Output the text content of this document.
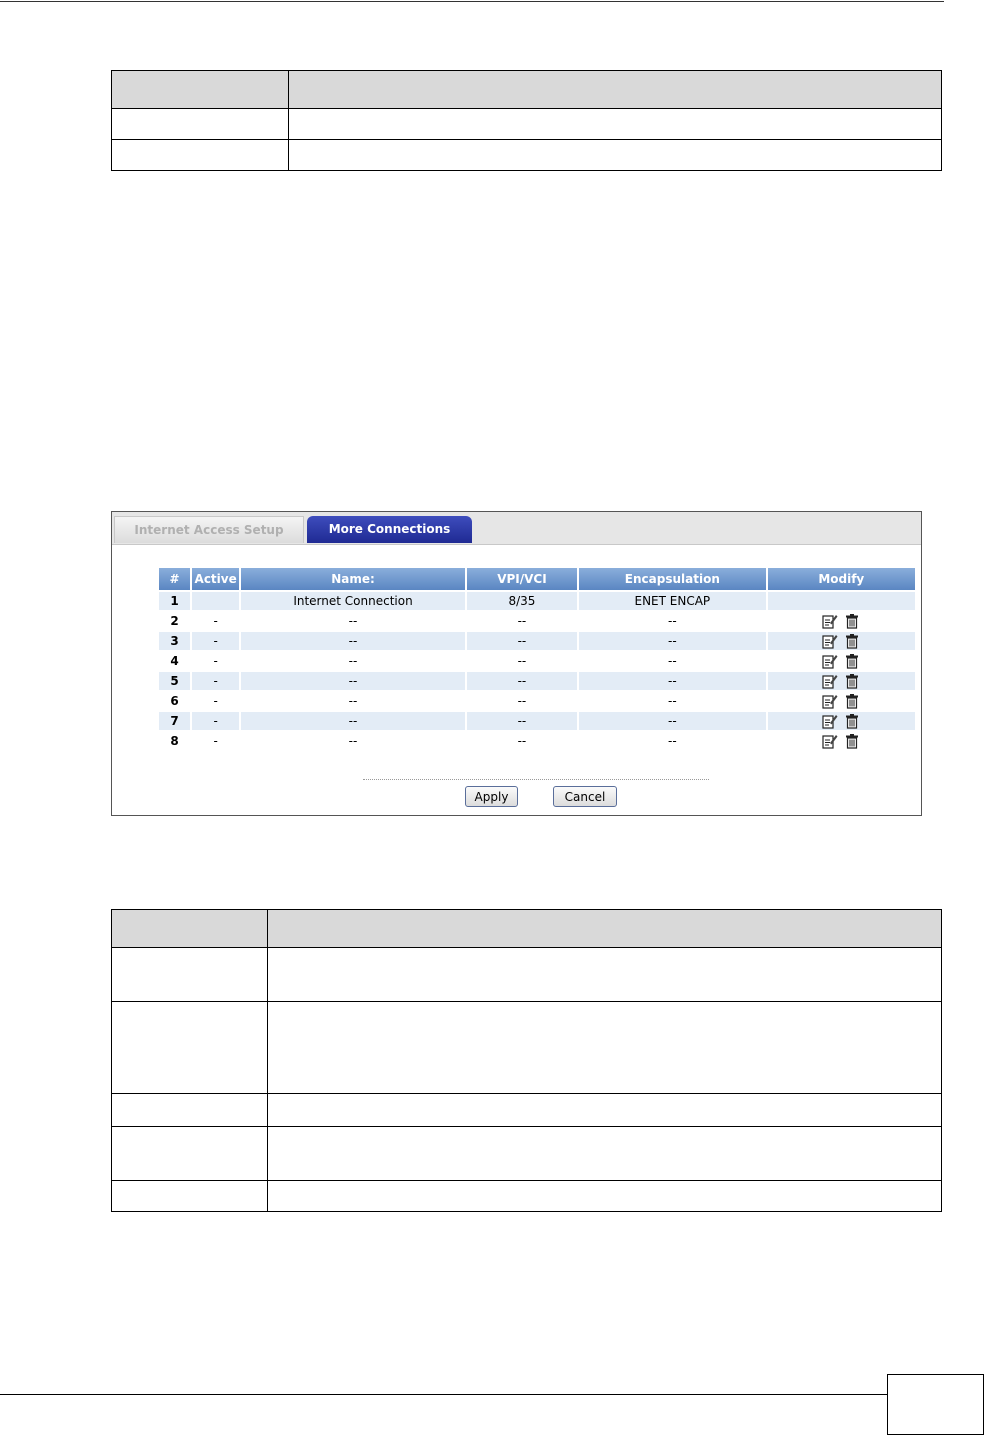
Internet Access Setup	More Connections
#	Active	Name:	VPI/VCI	Encapsulation	Modify
1		Internet Connection	8/35	ENET ENCAP	
2	-	--	--	--	
3	-	--	--	--	
4	-	--	--	--	
5	-	--	--	--	
6	-	--	--	--	
7	-	--	--	--	
8	-	--	--	--	
Apply	Cancel
